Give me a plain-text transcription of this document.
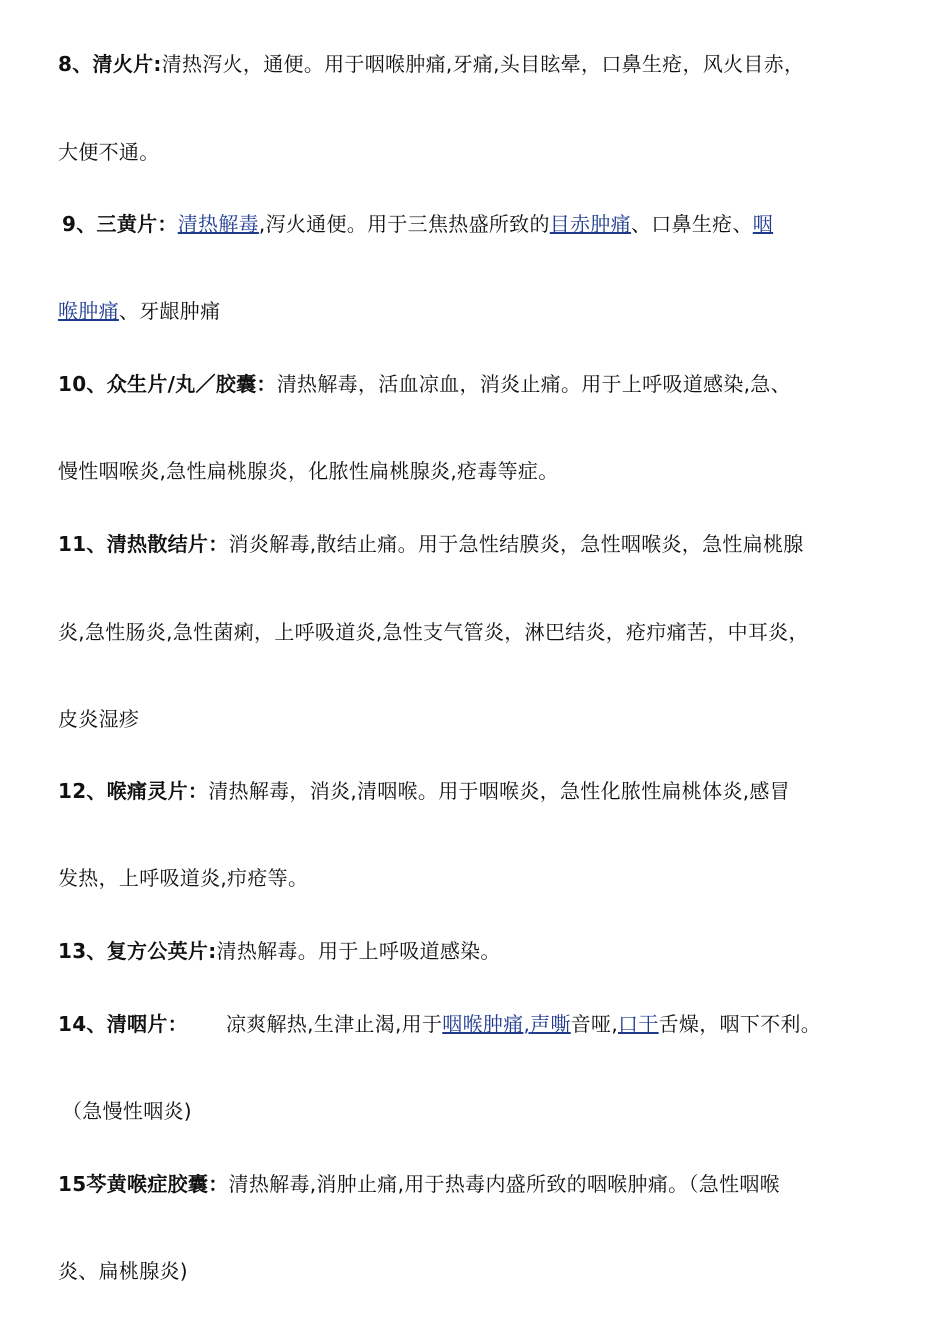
8、清火片:清热泻火，通便。用于咽喉肿痛,牙痛,头目眩晕，口鼻生疮，风火目赤，
大便不通。
9、三黄片：清热解毒,泻火通便。用于三焦热盛所致的目赤肿痛、口鼻生疮、咽
喉肿痛、牙龈肿痛
10、众生片/丸／胶囊：清热解毒，活血凉血，消炎止痛。用于上呼吸道感染,急、
慢性咽喉炎,急性扁桃腺炎，化脓性扁桃腺炎,疮毒等症。
11、清热散结片：消炎解毒,散结止痛。用于急性结膜炎，急性咽喉炎，急性扁桃腺
炎,急性肠炎,急性菌痢，上呼吸道炎,急性支气管炎，淋巴结炎，疮疖痛苦，中耳炎，
皮炎湿疹
12、喉痛灵片：清热解毒，消炎,清咽喉。用于咽喉炎，急性化脓性扁桃体炎,感冒
发热，上呼吸道炎,疖疮等。
13、复方公英片:清热解毒。用于上呼吸道感染。
14、清咽片： 凉爽解热,生津止渴,用于咽喉肿痛,声嘶音哑,口干舌燥，咽下不利。
（急慢性咽炎)
15芩黄喉症胶囊：清热解毒,消肿止痛,用于热毒内盛所致的咽喉肿痛。（急性咽喉
炎、扁桃腺炎)
